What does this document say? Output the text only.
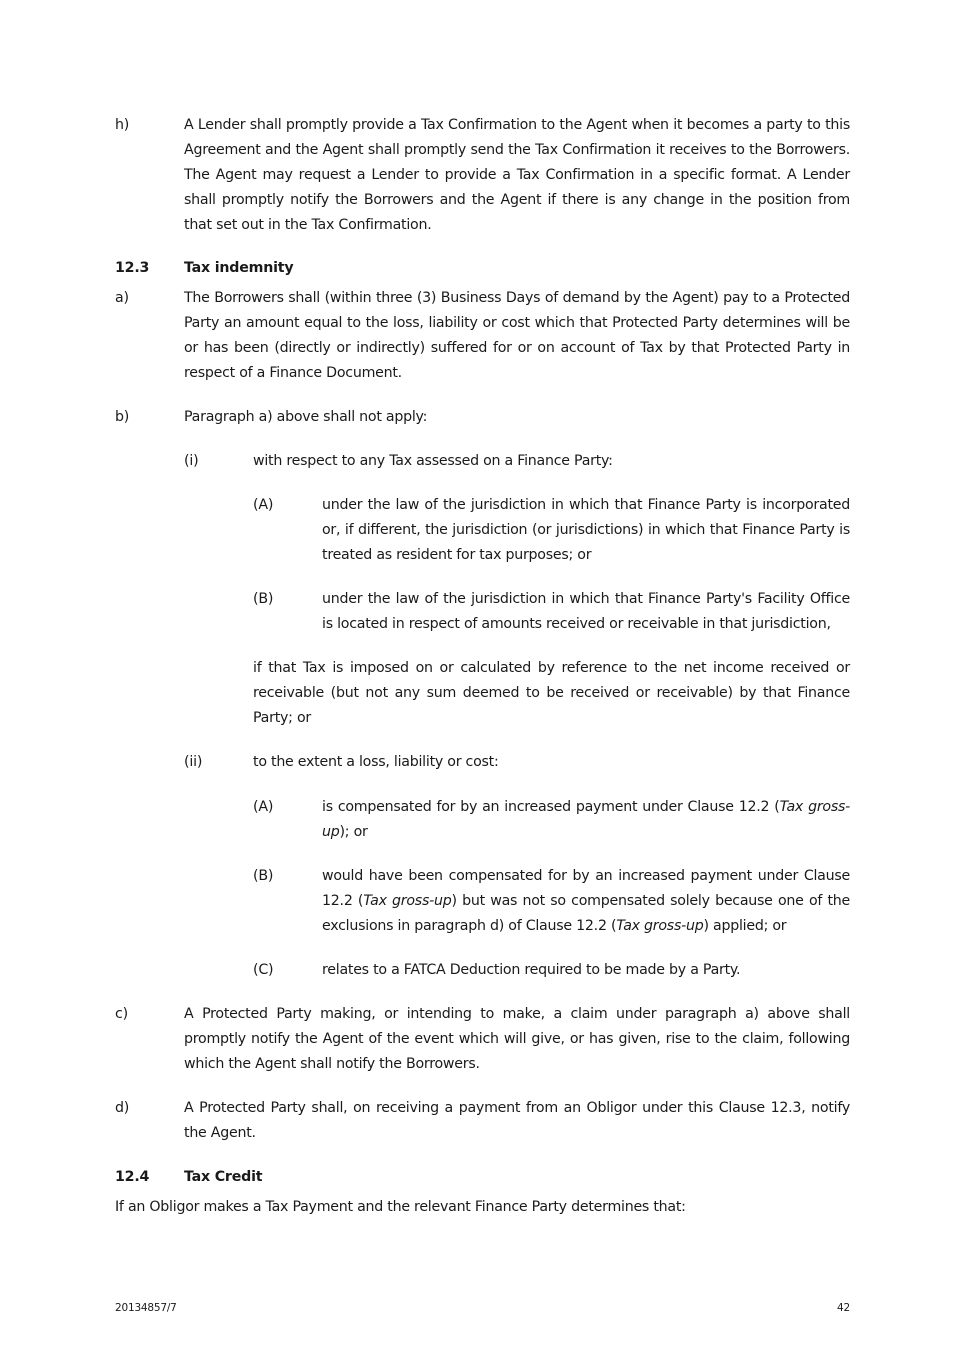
h)	A Lender shall promptly provide a Tax Confirmation to the Agent when it becomes a party to this Agreement and the Agent shall promptly send the Tax Confirmation it receives to the Borrowers. The Agent may request a Lender to provide a Tax Confirmation in a specific format. A Lender shall promptly notify the Borrowers and the Agent if there is any change in the position from that set out in the Tax Confirmation.
12.3 Tax indemnity
a)	The Borrowers shall (within three (3) Business Days of demand by the Agent) pay to a Protected Party an amount equal to the loss, liability or cost which that Protected Party determines will be or has been (directly or indirectly) suffered for or on account of Tax by that Protected Party in respect of a Finance Document.
b)	Paragraph a) above shall not apply:
(i)	with respect to any Tax assessed on a Finance Party:
(A)	under the law of the jurisdiction in which that Finance Party is incorporated or, if different, the jurisdiction (or jurisdictions) in which that Finance Party is treated as resident for tax purposes; or
(B)	under the law of the jurisdiction in which that Finance Party's Facility Office is located in respect of amounts received or receivable in that jurisdiction,
if that Tax is imposed on or calculated by reference to the net income received or receivable (but not any sum deemed to be received or receivable) by that Finance Party; or
(ii)	to the extent a loss, liability or cost:
(A)	is compensated for by an increased payment under Clause 12.2 (Tax gross-up); or
(B)	would have been compensated for by an increased payment under Clause 12.2 (Tax gross-up) but was not so compensated solely because one of the exclusions in paragraph d) of Clause 12.2 (Tax gross-up) applied; or
(C)	relates to a FATCA Deduction required to be made by a Party.
c)	A Protected Party making, or intending to make, a claim under paragraph a) above shall promptly notify the Agent of the event which will give, or has given, rise to the claim, following which the Agent shall notify the Borrowers.
d)	A Protected Party shall, on receiving a payment from an Obligor under this Clause 12.3, notify the Agent.
12.4 Tax Credit
If an Obligor makes a Tax Payment and the relevant Finance Party determines that:
20134857/7	42
